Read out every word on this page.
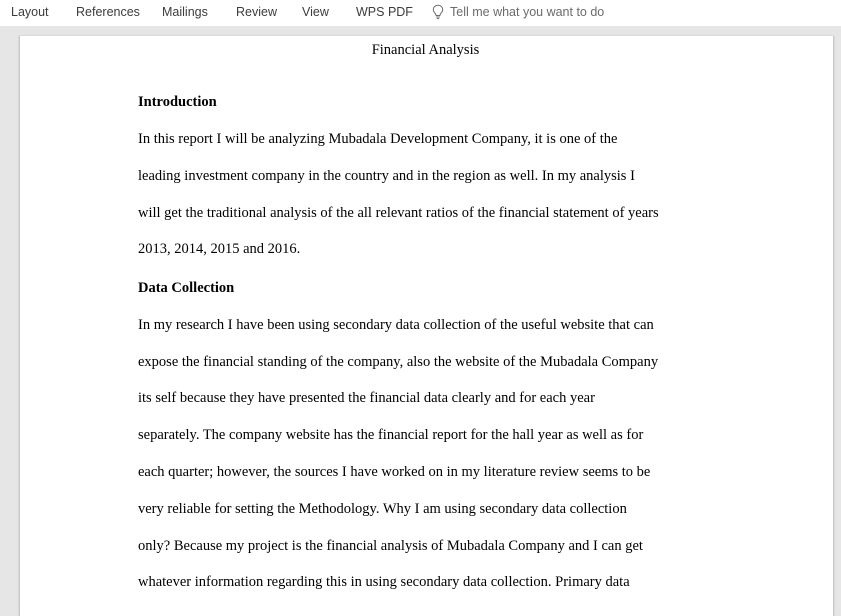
Layout References Mailings Review View WPS PDF	Tell me what you want to do
Financial Analysis
Introduction
In this report I will be analyzing Mubadala Development Company, it is one of the
leading investment company in the country and in the region as well. In my analysis I
will get the traditional analysis of the all relevant ratios of the financial statement of years
2013, 2014, 2015 and 2016.
Data Collection
In my research I have been using secondary data collection of the useful website that can
expose the financial standing of the company, also the website of the Mubadala Company
its self because they have presented the financial data clearly and for each year
separately. The company website has the financial report for the hall year as well as for
each quarter; however, the sources I have worked on in my literature review seems to be
very reliable for setting the Methodology. Why I am using secondary data collection
only? Because my project is the financial analysis of Mubadala Company and I can get
whatever information regarding this in using secondary data collection. Primary data
